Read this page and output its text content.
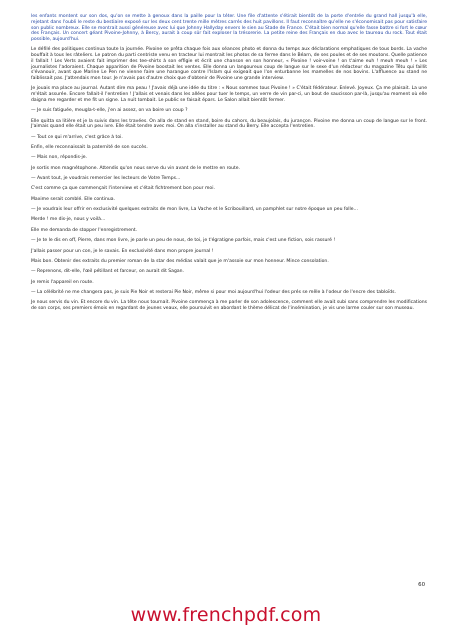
les enfants montent sur son dos, qu'on se mette à genoux dans la paille pour la téter. Une file d'attente s'étirait bientôt de la porte d'entrée du grand hall jusqu'à elle, rejetant dans l'oubli le reste du bestiaire exposé sur les deux cent trente mille mètres carrés des huit pavillons. Il faut reconnaître qu'elle ne s'économisait pas pour satisfaire son public nombreux. Elle se montrait aussi généreuse avec lui que Johnny Hallyday envers le sien au Stade de France. C'était bien normal qu'elle fasse battre si fort le cœur des Français. Un concert géant Pivoine-Johnny, à Bercy, aurait à coup sûr fait exploser la trésorerie. La petite reine des Français en duo avec le taureau du rock. Tout était possible, aujourd'hui.

Le défilé des politiques continua toute la journée. Pivoine se prêta chaque fois aux séances photo et donna du temps aux déclarations emphatiques de tous bords. La vache bouffait à tous les râteliers. Le patron du parti centriste venu en tracteur lui montrait les photos de sa ferme dans le Béarn, de ses poules et de ses moutons. Quelle patience il fallait ! Les Verts avaient fait imprimer des tee-shirts à son effigie et écrit une chanson en son honneur, « Pivoine ! voir-voine ! on t'aime euh ! meuh meuh ! » Les journalistes l'adoraient. Chaque apparition de Pivoine boostait les ventes. Elle donna un langoureux coup de langue sur le sexe d'un rédacteur du magazine Têtu qui faillit s'évanouir, avant que Marine Le Pen ne vienne faire une harangue contre l'Islam qui exigeait que l'on enturbanne les mamelles de nos bovins. L'affluence au stand ne faiblissait pas. J'attendais mon tour. Je n'avais pas d'autre choix que d'obtenir de Pivoine une grande interview.

Je jouais ma place au journal. Autant dire ma peau ! J'avais déjà une idée du titre : « Nous sommes tous Pivoine ! » C'était fédérateur. Enlevé. Joyeux. Ça me plaisait. La une m'était assurée. Encore fallait-il l'entretien ! J'allais et venais dans les allées pour tuer le temps, un verre de vin par-ci, un bout de saucisson par-là, jusqu'au moment où elle daigna me regarder et me fit un signe. La nuit tombait. Le public se faisait épars. Le Salon allait bientôt fermer.

— Je suis fatiguée, meugla-t-elle, j'en ai assez, on va boire un coup ?

Elle quitta sa litière et je la suivis dans les travées. On alla de stand en stand, boire du cahors, du beaujolais, du jurançon. Pivoine me donna un coup de langue sur le front. J'aimais quand elle était un peu ivre. Elle était tendre avec moi. On alla s'installer au stand du Berry. Elle accepta l'entretien.

— Tout ce qui m'arrive, c'est grâce à toi.

Enfin, elle reconnaissait la paternité de son succès.

— Mais non, répondis-je.

Je sortis mon magnétophone. Attendis qu'on nous serve du vin avant de le mettre en route.

— Avant tout, je voudrais remercier les lecteurs de Votre Temps...

C'est comme ça que commençait l'interview et c'était fichtrement bon pour moi.

Maxime serait comblé. Elle continua.

— Je voudrais leur offrir en exclusivité quelques extraits de mon livre, La Vache et le Scribouillard, un pamphlet sur notre époque un peu folle...

Merde ! me dis-je, nous y voilà...

Elle me demanda de stopper l'enregistrement.

— Je te le dis en off, Pierre, dans mon livre, je parle un peu de nous, de toi, je t'égratigne parfois, mais c'est une fiction, sois rassuré !

J'allais passer pour un con, je le savais. En exclusivité dans mon propre journal !

Mais bon. Obtenir des extraits du premier roman de la star des médias valait que je m'assoie sur mon honneur. Mince consolation.

— Reprenons, dit-elle, l'œil pétillant et farceur, on aurait dit Sagan.

Je remis l'appareil en route.

— La célébrité ne me changera pas, je suis Pie Noir et resterai Pie Noir, même si pour moi aujourd'hui l'odeur des prés se mêle à l'odeur de l'encre des tabloïds.

Je nous servis du vin. Et encore du vin. La tête nous tournait. Pivoine commença à me parler de son adolescence, comment elle avait subi sans comprendre les modifications de son corps, ses premiers émois en regardant de jeunes veaux, elle poursuivit en abordant le thème délicat de l'insémination, je vis une larme couler sur son museau.

60
www.frenchpdf.com
